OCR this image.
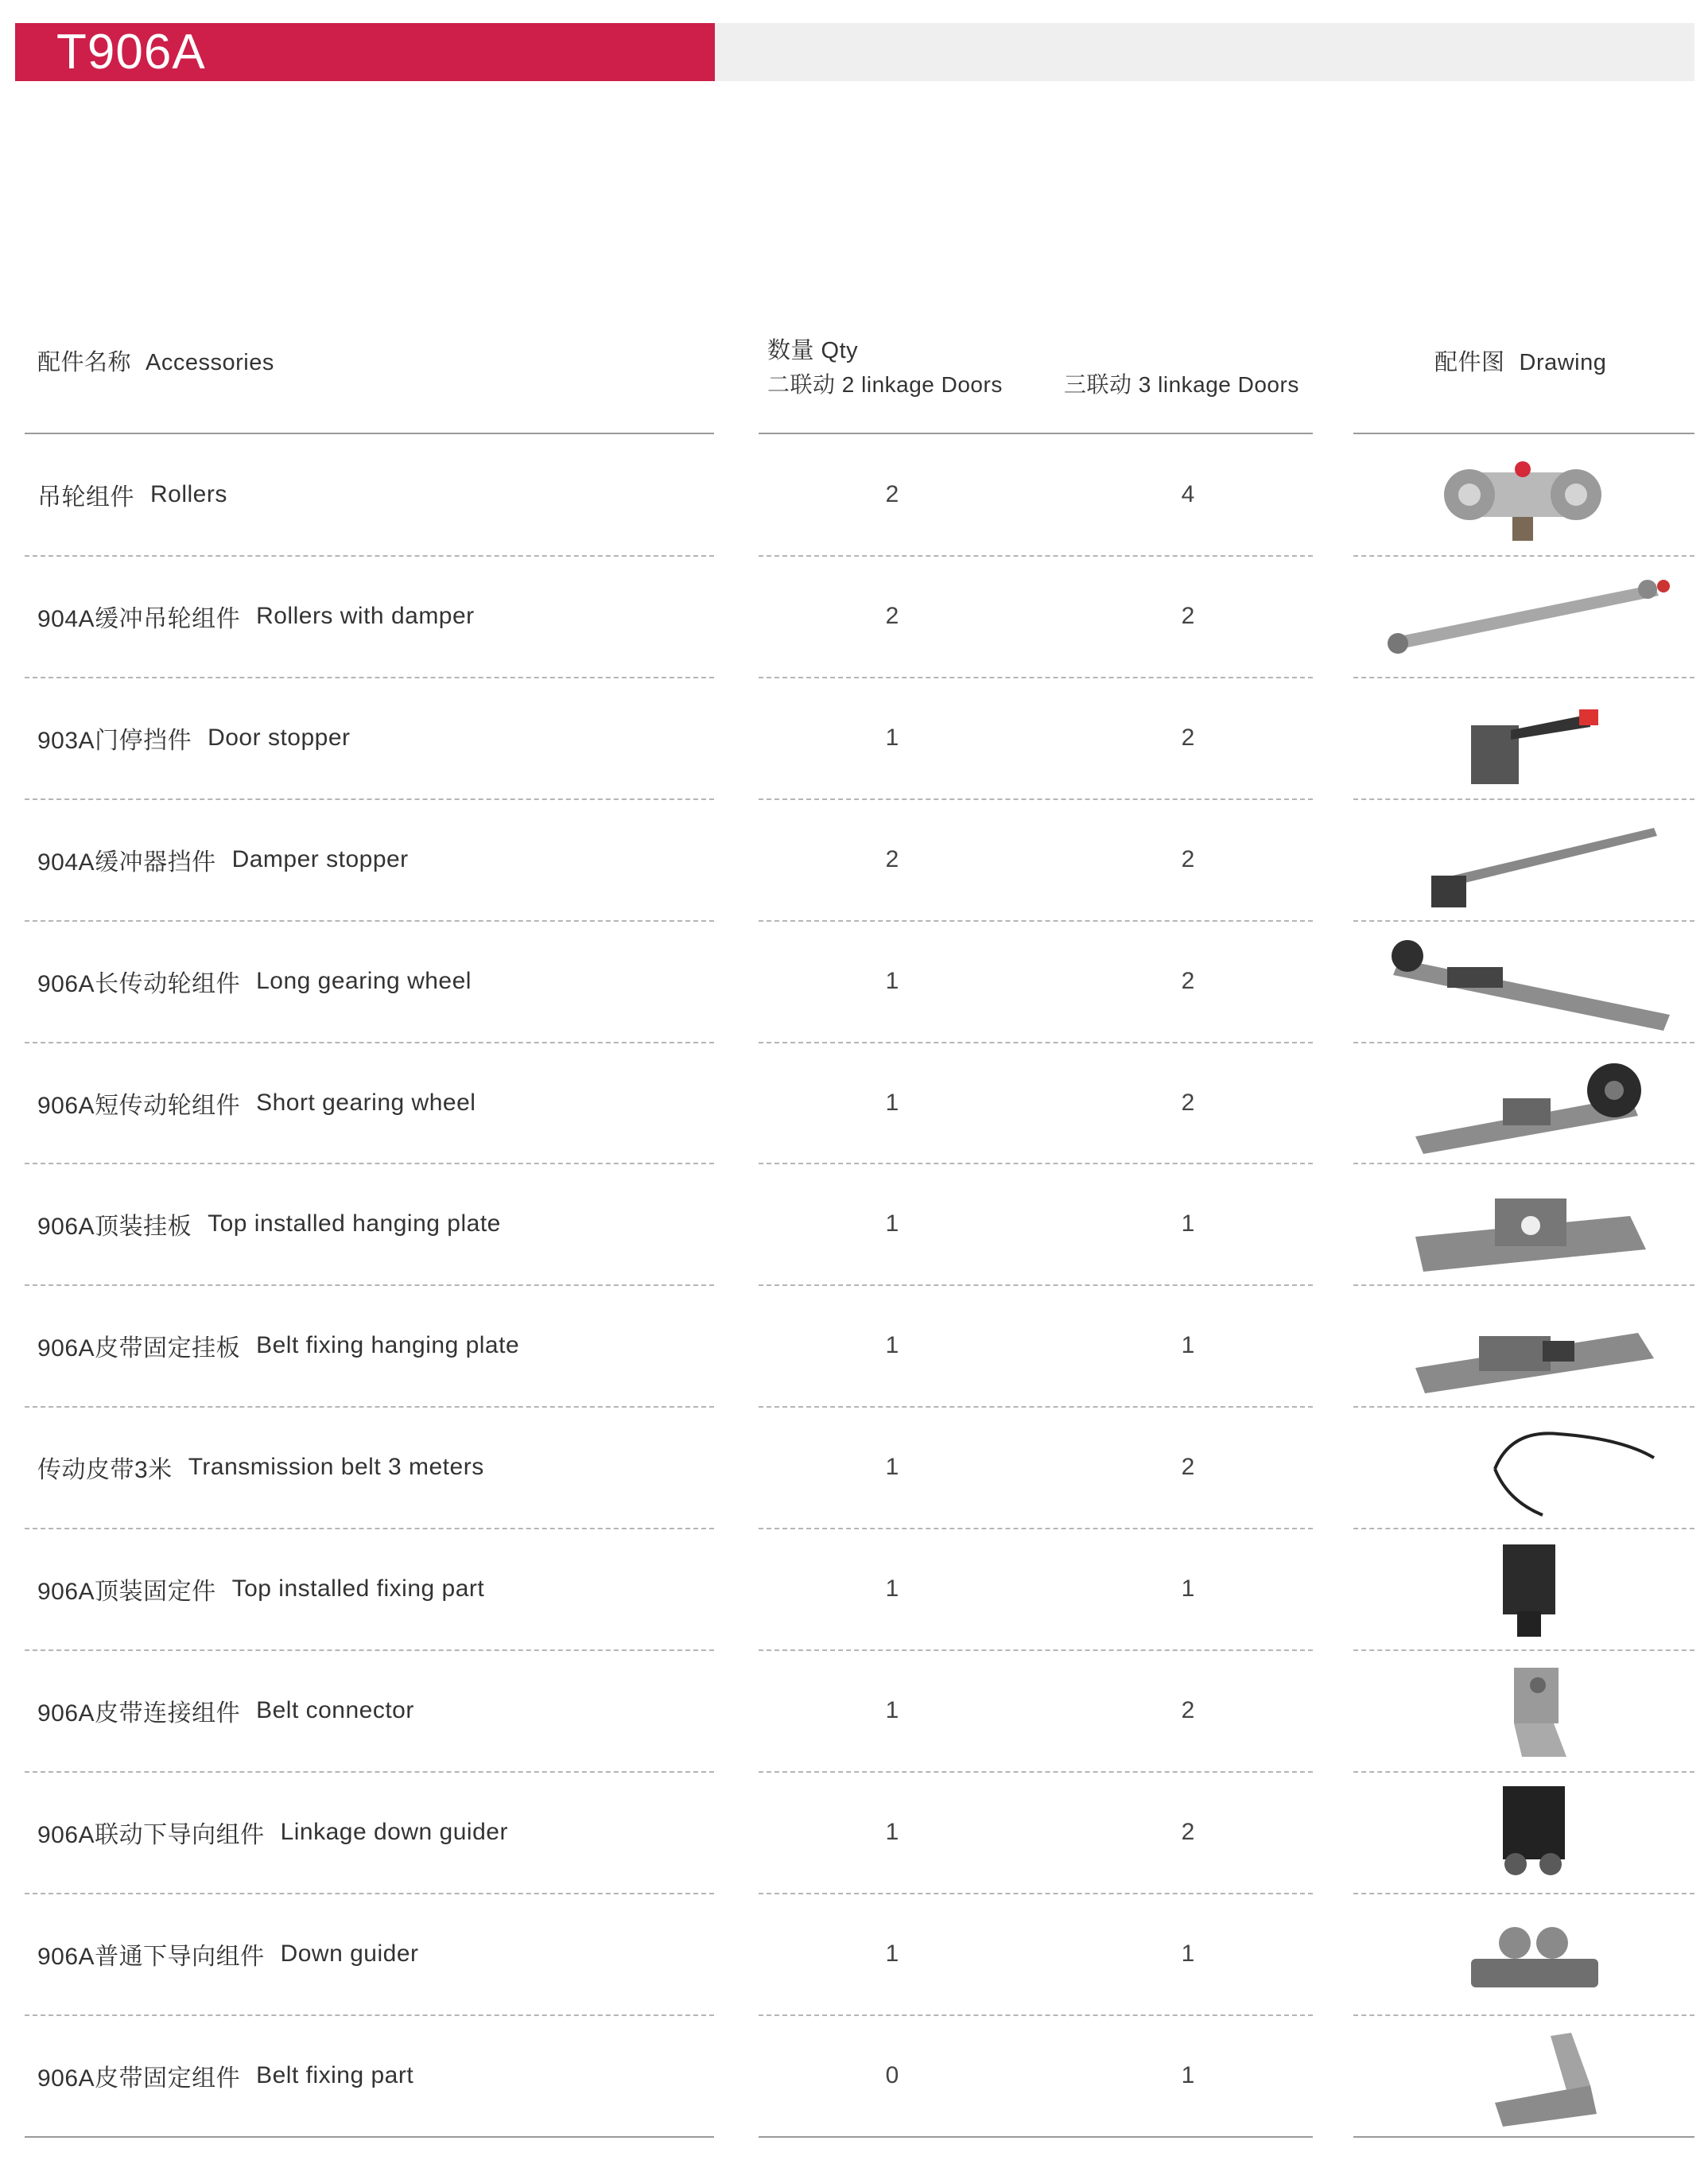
T906A
配件名称 Accessories	数量 Qty
二联动 2 linkage Doors	三联动 3 linkage Doors
配件图 Drawing
吊轮组件 Rollers	2	4
904A缓冲吊轮组件 Rollers with damper	2	2
903A门停挡件 Door stopper	1	2
904A缓冲器挡件 Damper stopper	2	2
906A长传动轮组件 Long gearing wheel	1	2
906A短传动轮组件 Short gearing wheel	1	2
906A顶装挂板 Top installed hanging plate	1	1
906A皮带固定挂板 Belt fixing hanging plate	1	1
传动皮带3米 Transmission belt 3 meters	1	2
906A顶装固定件 Top installed fixing part	1	1
906A皮带连接组件 Belt connector	1	2
906A联动下导向组件 Linkage down guider	1	2
906A普通下导向组件 Down guider	1	1
906A皮带固定组件 Belt fixing part	0	1
